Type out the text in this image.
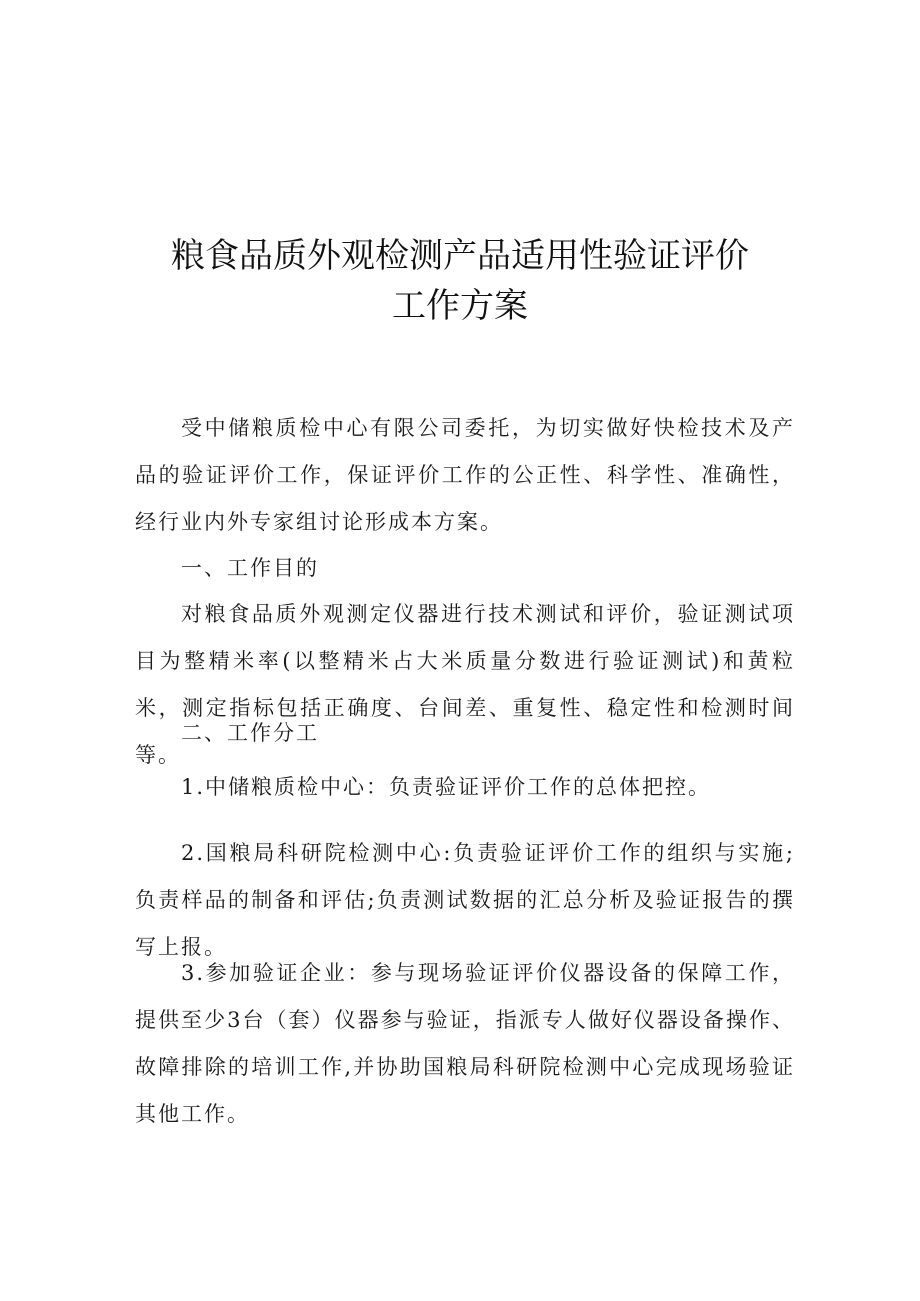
粮食品质外观检测产品适用性验证评价
工作方案
受中储粮质检中心有限公司委托，为切实做好快检技术及产品的验证评价工作，保证评价工作的公正性、科学性、准确性，经行业内外专家组讨论形成本方案。
一、工作目的
对粮食品质外观测定仪器进行技术测试和评价，验证测试项目为整精米率(以整精米占大米质量分数进行验证测试)和黄粒米，测定指标包括正确度、台间差、重复性、稳定性和检测时间等。
二、工作分工
1.中储粮质检中心：负责验证评价工作的总体把控。
2.国粮局科研院检测中心:负责验证评价工作的组织与实施;负责样品的制备和评估;负责测试数据的汇总分析及验证报告的撰写上报。
3.参加验证企业：参与现场验证评价仪器设备的保障工作，提供至少3台（套）仪器参与验证，指派专人做好仪器设备操作、故障排除的培训工作,并协助国粮局科研院检测中心完成现场验证其他工作。
